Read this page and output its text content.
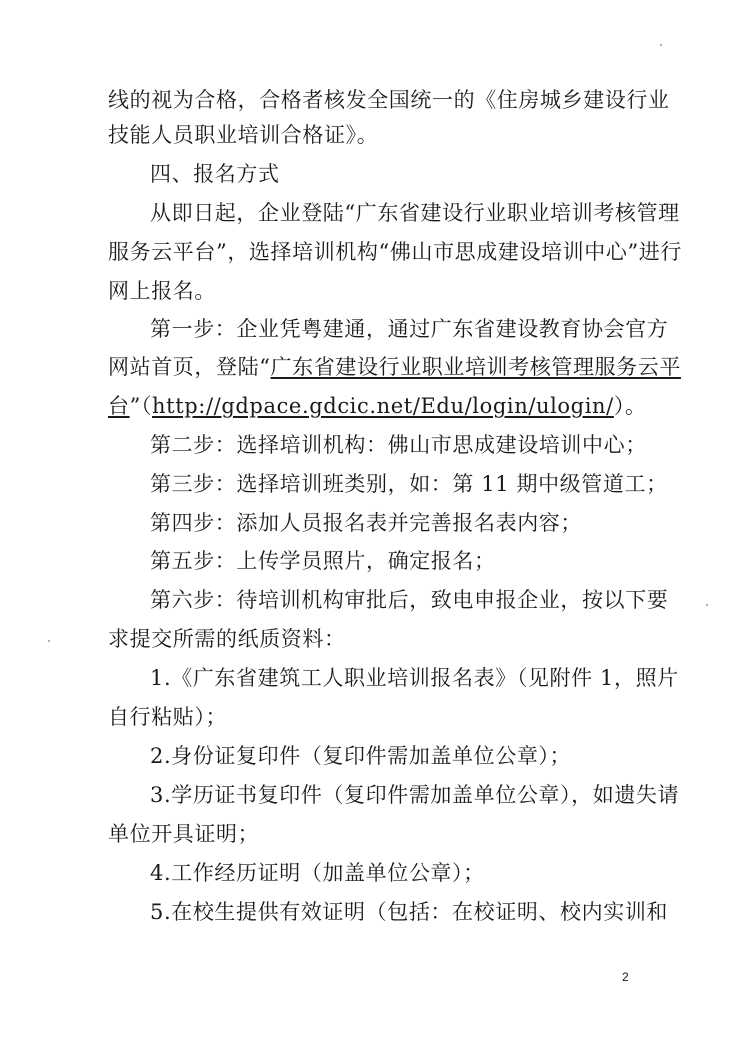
线的视为合格，合格者核发全国统一的《住房城乡建设行业
技能人员职业培训合格证》。
四、报名方式
从即日起，企业登陆“广东省建设行业职业培训考核管理
服务云平台”，选择培训机构“佛山市思成建设培训中心”进行
网上报名。
第一步：企业凭粤建通，通过广东省建设教育协会官方
网站首页，登陆“广东省建设行业职业培训考核管理服务云平
台”（http://gdpace.gdcic.net/Edu/login/ulogin/）。
第二步：选择培训机构：佛山市思成建设培训中心；
第三步：选择培训班类别，如：第 11 期中级管道工；
第四步：添加人员报名表并完善报名表内容；
第五步：上传学员照片，确定报名；
第六步：待培训机构审批后，致电申报企业，按以下要
求提交所需的纸质资料：
1.《广东省建筑工人职业培训报名表》（见附件 1，照片
自行粘贴）；
2.身份证复印件（复印件需加盖单位公章）；
3.学历证书复印件（复印件需加盖单位公章），如遗失请
单位开具证明；
4.工作经历证明（加盖单位公章）；
5.在校生提供有效证明（包括：在校证明、校内实训和
2
